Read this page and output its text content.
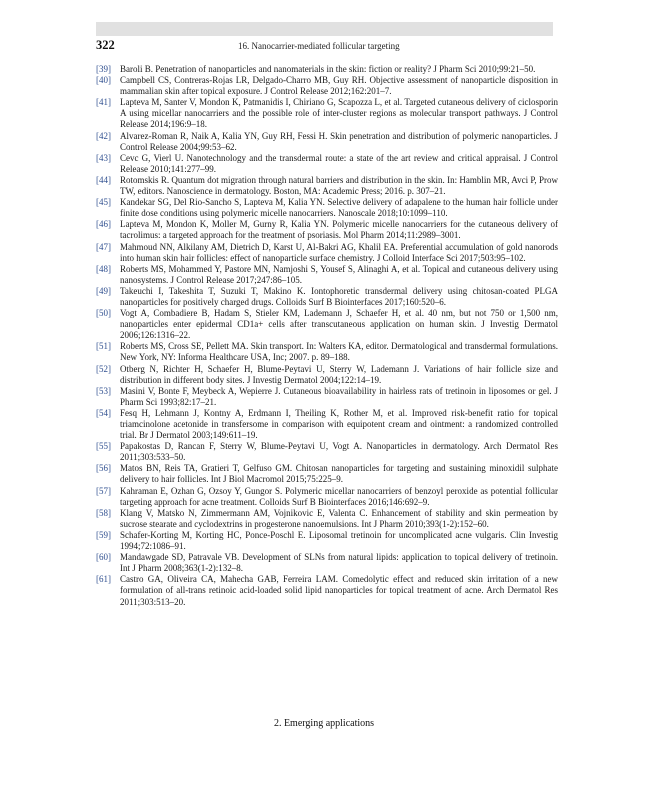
322	16. Nanocarrier-mediated follicular targeting
[39] Baroli B. Penetration of nanoparticles and nanomaterials in the skin: fiction or reality? J Pharm Sci 2010;99:21–50.
[40] Campbell CS, Contreras-Rojas LR, Delgado-Charro MB, Guy RH. Objective assessment of nanoparticle disposition in mammalian skin after topical exposure. J Control Release 2012;162:201–7.
[41] Lapteva M, Santer V, Mondon K, Patmanidis I, Chiriano G, Scapozza L, et al. Targeted cutaneous delivery of ciclosporin A using micellar nanocarriers and the possible role of inter-cluster regions as molecular transport pathways. J Control Release 2014;196:9–18.
[42] Alvarez-Roman R, Naik A, Kalia YN, Guy RH, Fessi H. Skin penetration and distribution of polymeric nanoparticles. J Control Release 2004;99:53–62.
[43] Cevc G, Vierl U. Nanotechnology and the transdermal route: a state of the art review and critical appraisal. J Control Release 2010;141:277–99.
[44] Rotomskis R. Quantum dot migration through natural barriers and distribution in the skin. In: Hamblin MR, Avci P, Prow TW, editors. Nanoscience in dermatology. Boston, MA: Academic Press; 2016. p. 307–21.
[45] Kandekar SG, Del Rio-Sancho S, Lapteva M, Kalia YN. Selective delivery of adapalene to the human hair follicle under finite dose conditions using polymeric micelle nanocarriers. Nanoscale 2018;10:1099–110.
[46] Lapteva M, Mondon K, Moller M, Gurny R, Kalia YN. Polymeric micelle nanocarriers for the cutaneous delivery of tacrolimus: a targeted approach for the treatment of psoriasis. Mol Pharm 2014;11:2989–3001.
[47] Mahmoud NN, Alkilany AM, Dietrich D, Karst U, Al-Bakri AG, Khalil EA. Preferential accumulation of gold nanorods into human skin hair follicles: effect of nanoparticle surface chemistry. J Colloid Interface Sci 2017;503:95–102.
[48] Roberts MS, Mohammed Y, Pastore MN, Namjoshi S, Yousef S, Alinaghi A, et al. Topical and cutaneous delivery using nanosystems. J Control Release 2017;247:86–105.
[49] Takeuchi I, Takeshita T, Suzuki T, Makino K. Iontophoretic transdermal delivery using chitosan-coated PLGA nanoparticles for positively charged drugs. Colloids Surf B Biointerfaces 2017;160:520–6.
[50] Vogt A, Combadiere B, Hadam S, Stieler KM, Lademann J, Schaefer H, et al. 40 nm, but not 750 or 1,500 nm, nanoparticles enter epidermal CD1a+ cells after transcutaneous application on human skin. J Investig Dermatol 2006;126:1316–22.
[51] Roberts MS, Cross SE, Pellett MA. Skin transport. In: Walters KA, editor. Dermatological and transdermal formulations. New York, NY: Informa Healthcare USA, Inc; 2007. p. 89–188.
[52] Otberg N, Richter H, Schaefer H, Blume-Peytavi U, Sterry W, Lademann J. Variations of hair follicle size and distribution in different body sites. J Investig Dermatol 2004;122:14–19.
[53] Masini V, Bonte F, Meybeck A, Wepierre J. Cutaneous bioavailability in hairless rats of tretinoin in liposomes or gel. J Pharm Sci 1993;82:17–21.
[54] Fesq H, Lehmann J, Kontny A, Erdmann I, Theiling K, Rother M, et al. Improved risk-benefit ratio for topical triamcinolone acetonide in transfersome in comparison with equipotent cream and ointment: a randomized controlled trial. Br J Dermatol 2003;149:611–19.
[55] Papakostas D, Rancan F, Sterry W, Blume-Peytavi U, Vogt A. Nanoparticles in dermatology. Arch Dermatol Res 2011;303:533–50.
[56] Matos BN, Reis TA, Gratieri T, Gelfuso GM. Chitosan nanoparticles for targeting and sustaining minoxidil sulphate delivery to hair follicles. Int J Biol Macromol 2015;75:225–9.
[57] Kahraman E, Ozhan G, Ozsoy Y, Gungor S. Polymeric micellar nanocarriers of benzoyl peroxide as potential follicular targeting approach for acne treatment. Colloids Surf B Biointerfaces 2016;146:692–9.
[58] Klang V, Matsko N, Zimmermann AM, Vojnikovic E, Valenta C. Enhancement of stability and skin permeation by sucrose stearate and cyclodextrins in progesterone nanoemulsions. Int J Pharm 2010;393(1-2):152–60.
[59] Schafer-Korting M, Korting HC, Ponce-Poschl E. Liposomal tretinoin for uncomplicated acne vulgaris. Clin Investig 1994;72:1086–91.
[60] Mandawgade SD, Patravale VB. Development of SLNs from natural lipids: application to topical delivery of tretinoin. Int J Pharm 2008;363(1-2):132–8.
[61] Castro GA, Oliveira CA, Mahecha GAB, Ferreira LAM. Comedolytic effect and reduced skin irritation of a new formulation of all-trans retinoic acid-loaded solid lipid nanoparticles for topical treatment of acne. Arch Dermatol Res 2011;303:513–20.
2. Emerging applications
